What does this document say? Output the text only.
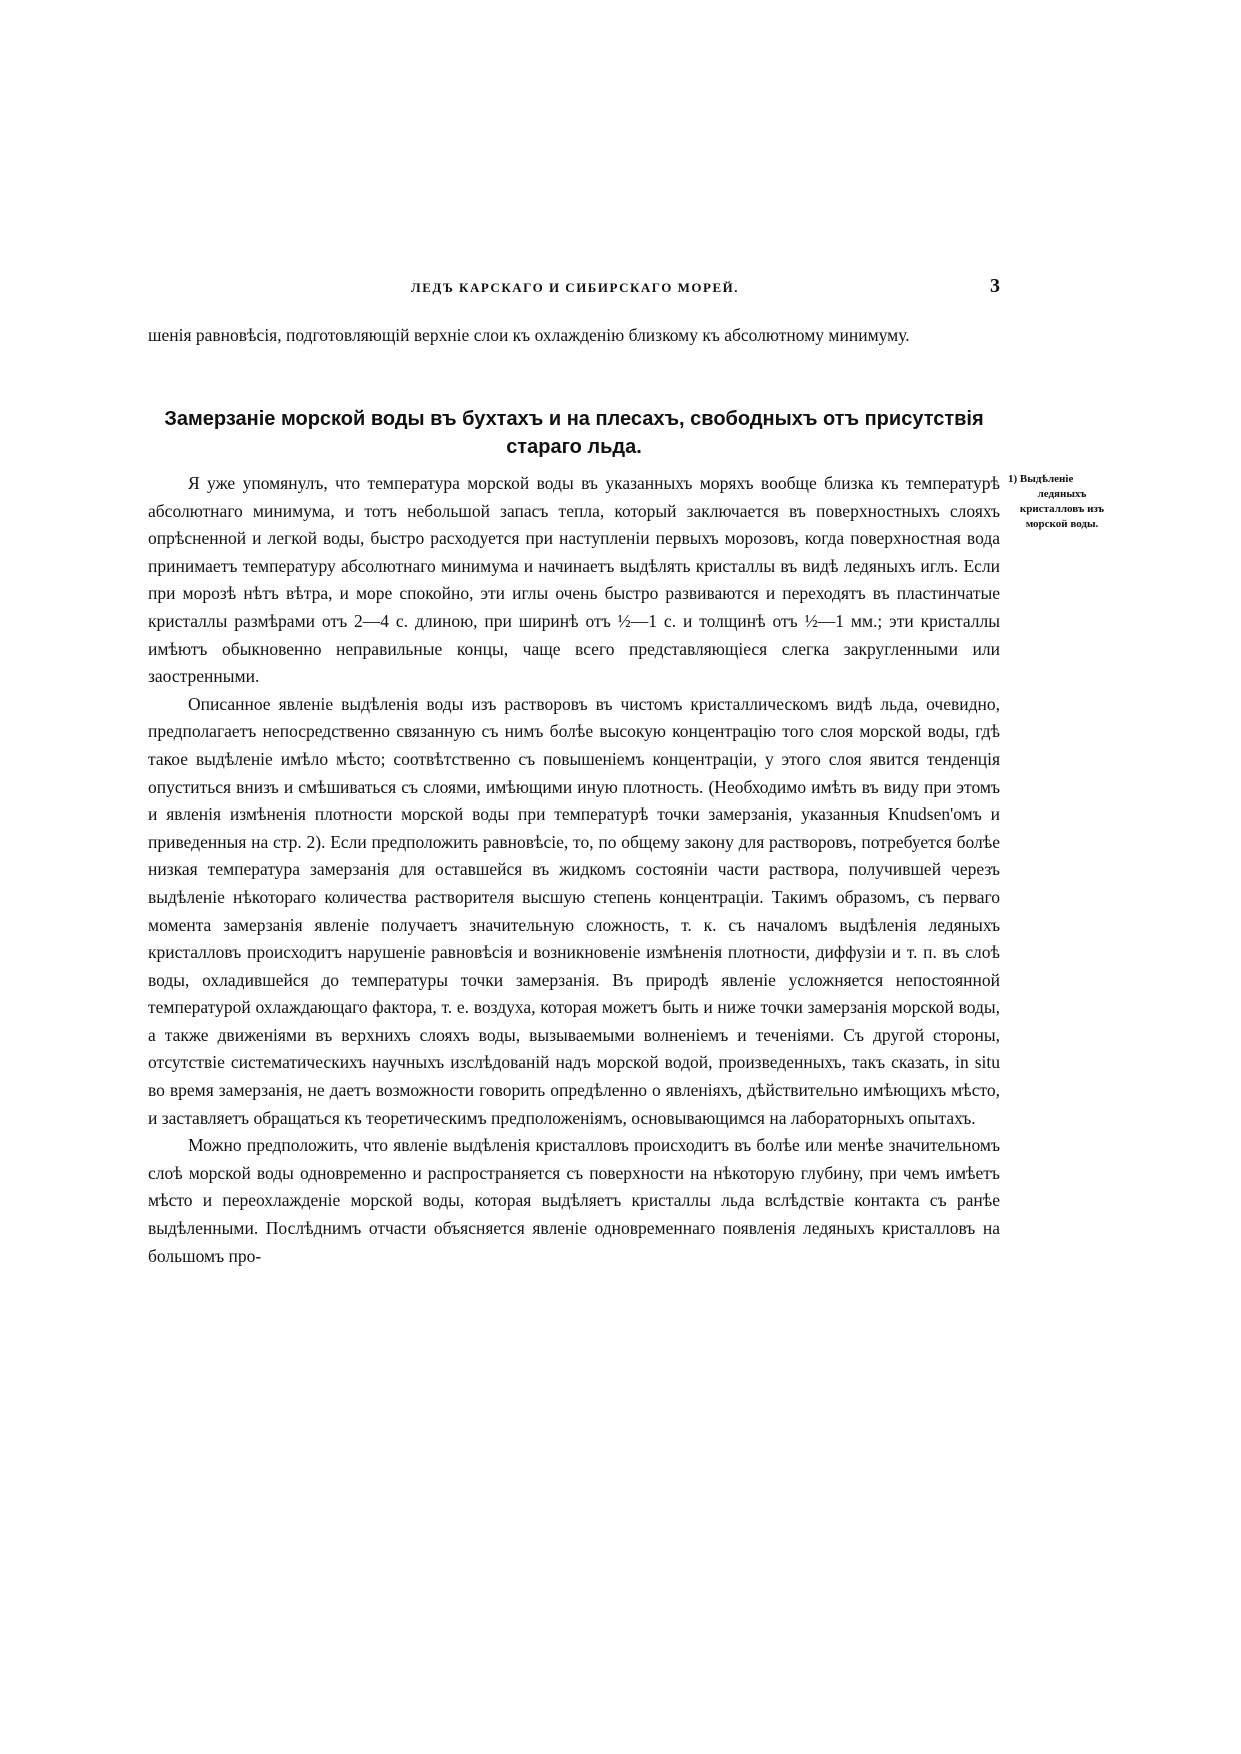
ЛЕДЪ КАРСКАГО И СИБИРСКАГО МОРЕЙ.	3

шенія равновѣсія, подготовляющій верхніе слои къ охлажденію близкому къ абсолютному минимуму.

Замерзаніе морской воды въ бухтахъ и на плесахъ, свободныхъ отъ присутствія стараго льда.

Я уже упомянулъ, что температура морской воды въ указанныхъ моряхъ вообще близка къ температурѣ абсолютнаго минимума, и тотъ небольшой запасъ тепла, который заключается въ поверхностныхъ слояхъ опрѣсненной и легкой воды, быстро расходуется при наступленіи первыхъ морозовъ, когда поверхностная вода принимаетъ температуру абсолютнаго минимума и начинаетъ выдѣлять кристаллы въ видѣ ледяныхъ иглъ. Если при морозѣ нѣтъ вѣтра, и море спокойно, эти иглы очень быстро развиваются и переходятъ въ пластинчатые кристаллы размѣрами отъ 2—4 с. длиною, при ширинѣ отъ ½—1 с. и толщинѣ отъ ½—1 мм.; эти кристаллы имѣютъ обыкновенно неправильные концы, чаще всего представляющіеся слегка закругленными или заостренными.

Описанное явленіе выдѣленія воды изъ растворовъ въ чистомъ кристаллическомъ видѣ льда, очевидно, предполагаетъ непосредственно связанную съ нимъ болѣе высокую концентрацію того слоя морской воды, гдѣ такое выдѣленіе имѣло мѣсто; соотвѣтственно съ повышеніемъ концентраціи, у этого слоя явится тенденція опуститься внизъ и смѣшиваться съ слоями, имѣющими иную плотность. (Необходимо имѣть въ виду при этомъ и явленія измѣненія плотности морской воды при температурѣ точки замерзанія, указанныя Knudsen'омъ и приведенныя на стр. 2). Если предположить равновѣсіе, то, по общему закону для растворовъ, потребуется болѣе низкая температура замерзанія для оставшейся въ жидкомъ состояніи части раствора, получившей черезъ выдѣленіе нѣкотораго количества растворителя высшую степень концентраціи. Такимъ образомъ, съ перваго момента замерзанія явленіе получаетъ значительную сложность, т. к. съ началомъ выдѣленія ледяныхъ кристалловъ происходитъ нарушеніе равновѣсія и возникновеніе измѣненія плотности, диффузіи и т. п. въ слоѣ воды, охладившейся до температуры точки замерзанія. Въ природѣ явленіе усложняется непостоянной температурой охлаждающаго фактора, т. е. воздуха, которая можетъ быть и ниже точки замерзанія морской воды, а также движеніями въ верхнихъ слояхъ воды, вызываемыми волненіемъ и теченіями. Съ другой стороны, отсутствіе систематическихъ научныхъ изслѣдованій надъ морской водой, произведенныхъ, такъ сказать, in situ во время замерзанія, не даетъ возможности говорить опредѣленно о явленіяхъ, дѣйствительно имѣющихъ мѣсто, и заставляетъ обращаться къ теоретическимъ предположеніямъ, основывающимся на лабораторныхъ опытахъ.

Можно предположить, что явленіе выдѣленія кристалловъ происходитъ въ болѣе или менѣе значительномъ слоѣ морской воды одновременно и распространяется съ поверхности на нѣкоторую глубину, при чемъ имѣетъ мѣсто и переохлажденіе морской воды, которая выдѣляетъ кристаллы льда вслѣдствіе контакта съ ранѣе выдѣленными. Послѣднимъ отчасти объясняется явленіе одновременнаго появленія ледяныхъ кристалловъ на большомъ про-

1) Выдѣленіе
ледяныхъ кристалловъ изъ морской воды.
